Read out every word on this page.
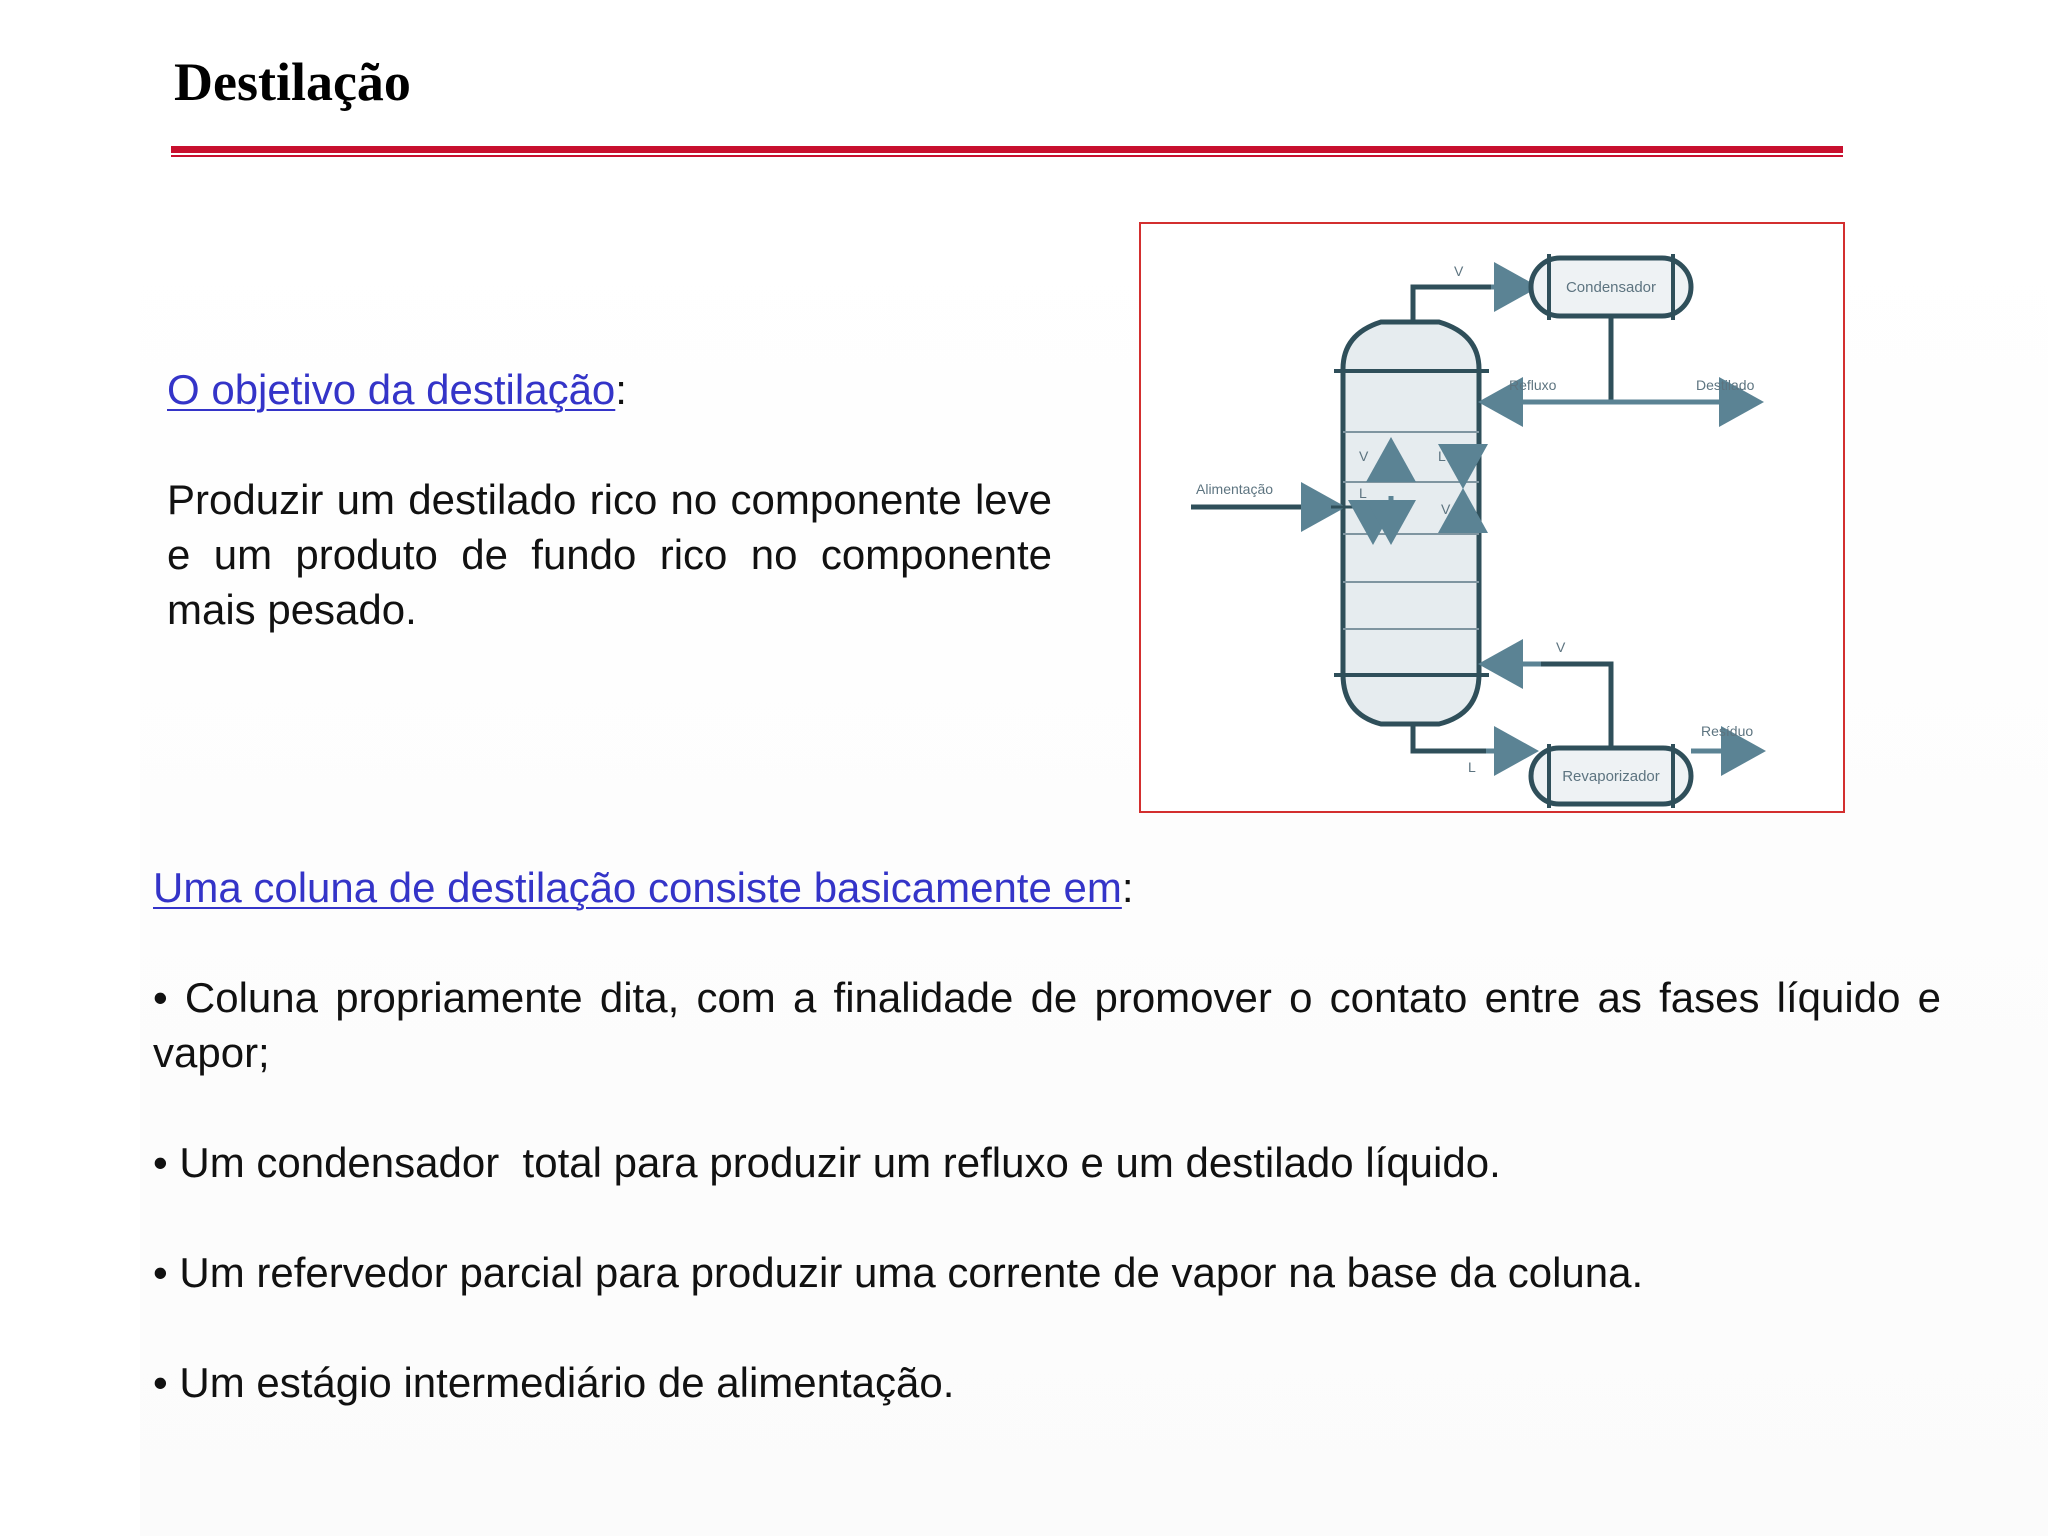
Destilação

O objetivo da destilação:

Produzir um destilado rico no componente leve e um produto de fundo rico no componente mais pesado.

V
Condensador
Refluxo	Destilado
Alimentação
V	L
L
V
V
Revaporizador
L
Resíduo

Uma coluna de destilação consiste basicamente em:

• Coluna propriamente dita, com a finalidade de promover o contato entre as fases líquido e vapor;
• Um condensador  total para produzir um refluxo e um destilado líquido.
• Um refervedor parcial para produzir uma corrente de vapor na base da coluna.
• Um estágio intermediário de alimentação.
